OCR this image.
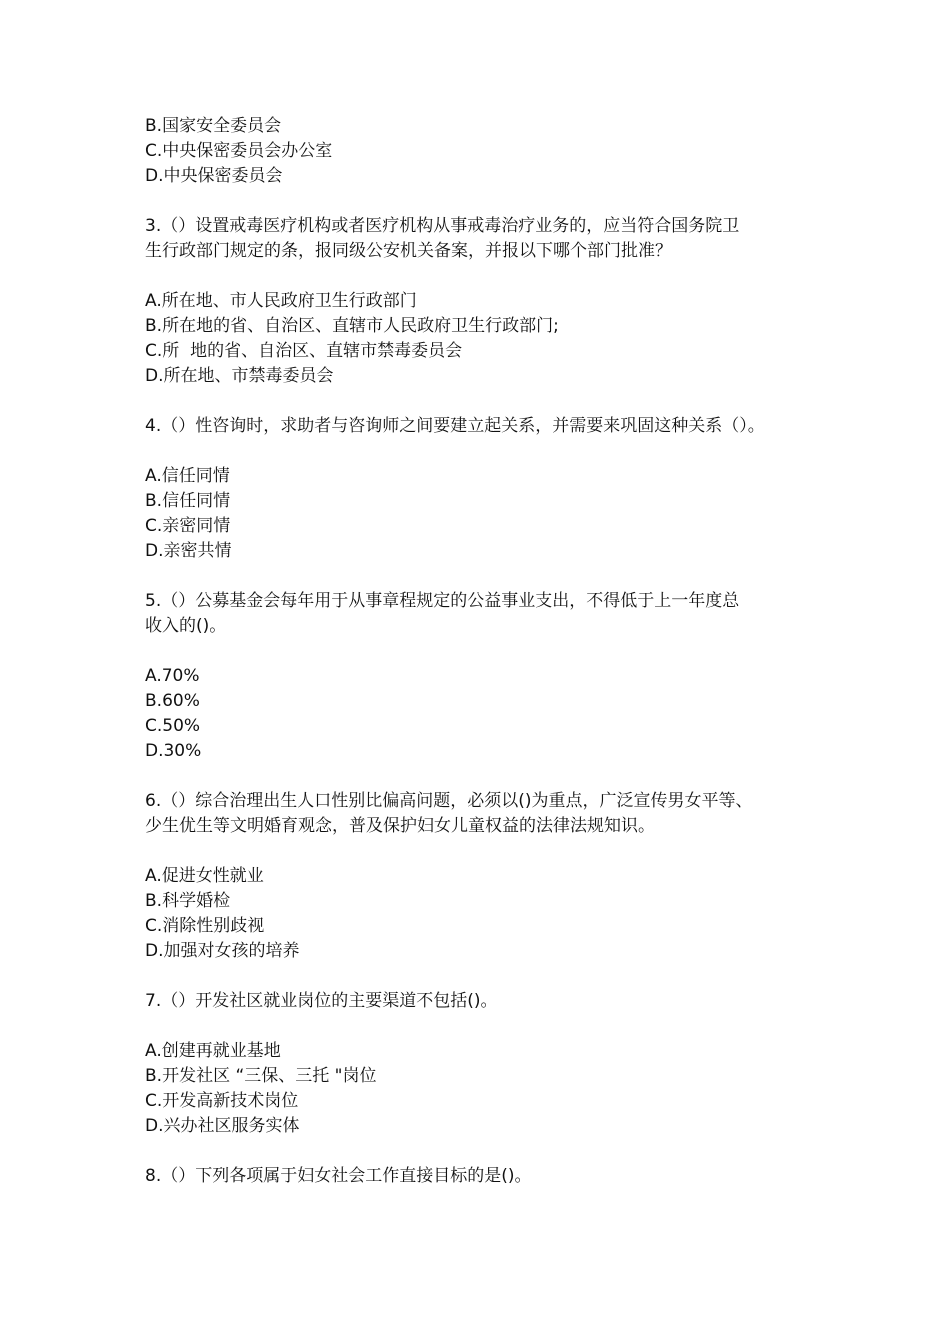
B.国家安全委员会

C.中央保密委员会办公室

D.中央保密委员会

3.（）设置戒毒医疗机构或者医疗机构从事戒毒治疗业务的，应当符合国务院卫

生行政部门规定的条，报同级公安机关备案，并报以下哪个部门批准？

A.所在地、市人民政府卫生行政部门

B.所在地的省、自治区、直辖市人民政府卫生行政部门;

C.所  地的省、自治区、直辖市禁毒委员会

D.所在地、市禁毒委员会

4.（）性咨询时，求助者与咨询师之间要建立起关系，并需要来巩固这种关系（）。

A.信任同情

B.信任同情

C.亲密同情

D.亲密共情

5.（）公募基金会每年用于从事章程规定的公益事业支出，不得低于上一年度总

收入的()。

A.70%

B.60%

C.50%

D.30%

6.（）综合治理出生人口性别比偏高问题，必须以()为重点，广泛宣传男女平等、

少生优生等文明婚育观念，普及保护妇女儿童权益的法律法规知识。

A.促进女性就业

B.科学婚检

C.消除性别歧视

D.加强对女孩的培养

7.（）开发社区就业岗位的主要渠道不包括()。

A.创建再就业基地

B.开发社区 “三保、三托 "岗位

C.开发高新技术岗位

D.兴办社区服务实体

8.（）下列各项属于妇女社会工作直接目标的是()。
